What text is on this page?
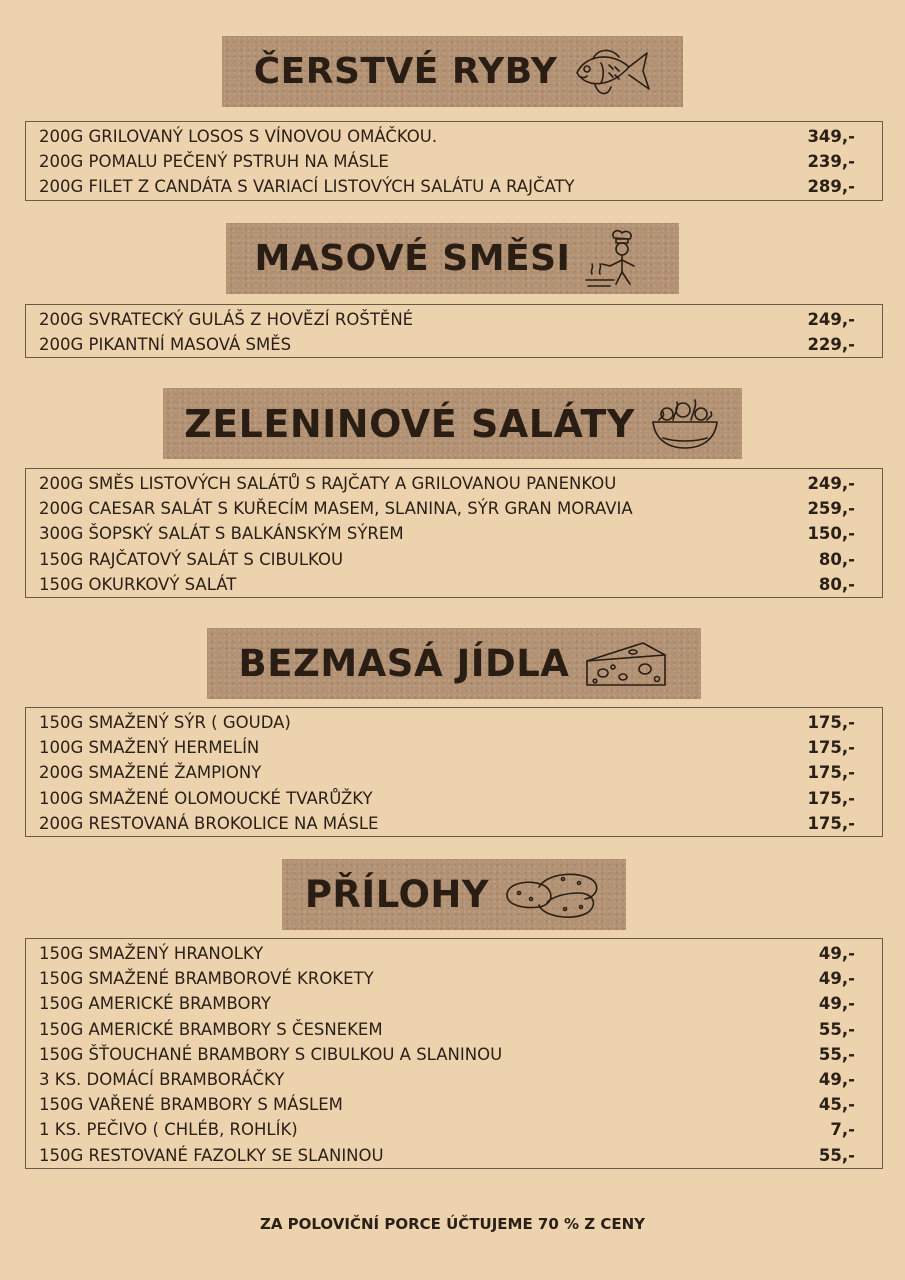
ČERSTVÉ RYBY
200G GRILOVANÝ LOSOS S VÍNOVOU OMÁČKOU.	349,-
200G POMALU PEČENÝ PSTRUH NA MÁSLE	239,-
200G FILET Z CANDÁTA S VARIACÍ LISTOVÝCH SALÁTU A RAJČATY	289,-
MASOVÉ SMĚSI
200G SVRATECKÝ GULÁŠ Z HOVĚZÍ ROŠTĚNÉ	249,-
200G PIKANTNÍ MASOVÁ SMĚS	229,-
ZELENINOVÉ SALÁTY
200G SMĚS LISTOVÝCH SALÁTŮ S RAJČATY A GRILOVANOU PANENKOU	249,-
200G CAESAR SALÁT S KUŘECÍM MASEM, SLANINA, SÝR GRAN MORAVIA	259,-
300G ŠOPSKÝ SALÁT S BALKÁNSKÝM SÝREM	150,-
150G RAJČATOVÝ SALÁT S CIBULKOU	80,-
150G OKURKOVÝ SALÁT	80,-
BEZMASÁ JÍDLA
150G SMAŽENÝ SÝR ( GOUDA)	175,-
100G SMAŽENÝ HERMELÍN	175,-
200G SMAŽENÉ ŽAMPIONY	175,-
100G SMAŽENÉ OLOMOUCKÉ TVARŮŽKY	175,-
200G RESTOVANÁ BROKOLICE NA MÁSLE	175,-
PŘÍLOHY
150G SMAŽENÝ HRANOLKY	49,-
150G SMAŽENÉ BRAMBOROVÉ KROKETY	49,-
150G AMERICKÉ BRAMBORY	49,-
150G AMERICKÉ BRAMBORY S ČESNEKEM	55,-
150G ŠŤOUCHANÉ BRAMBORY S CIBULKOU A SLANINOU	55,-
3 KS. DOMÁCÍ BRAMBORÁČKY	49,-
150G VAŘENÉ BRAMBORY S MÁSLEM	45,-
1 KS. PEČIVO ( CHLÉB, ROHLÍK)	7,-
150G RESTOVANÉ FAZOLKY SE SLANINOU	55,-
ZA POLOVIČNÍ PORCE ÚČTUJEME 70 % Z CENY
